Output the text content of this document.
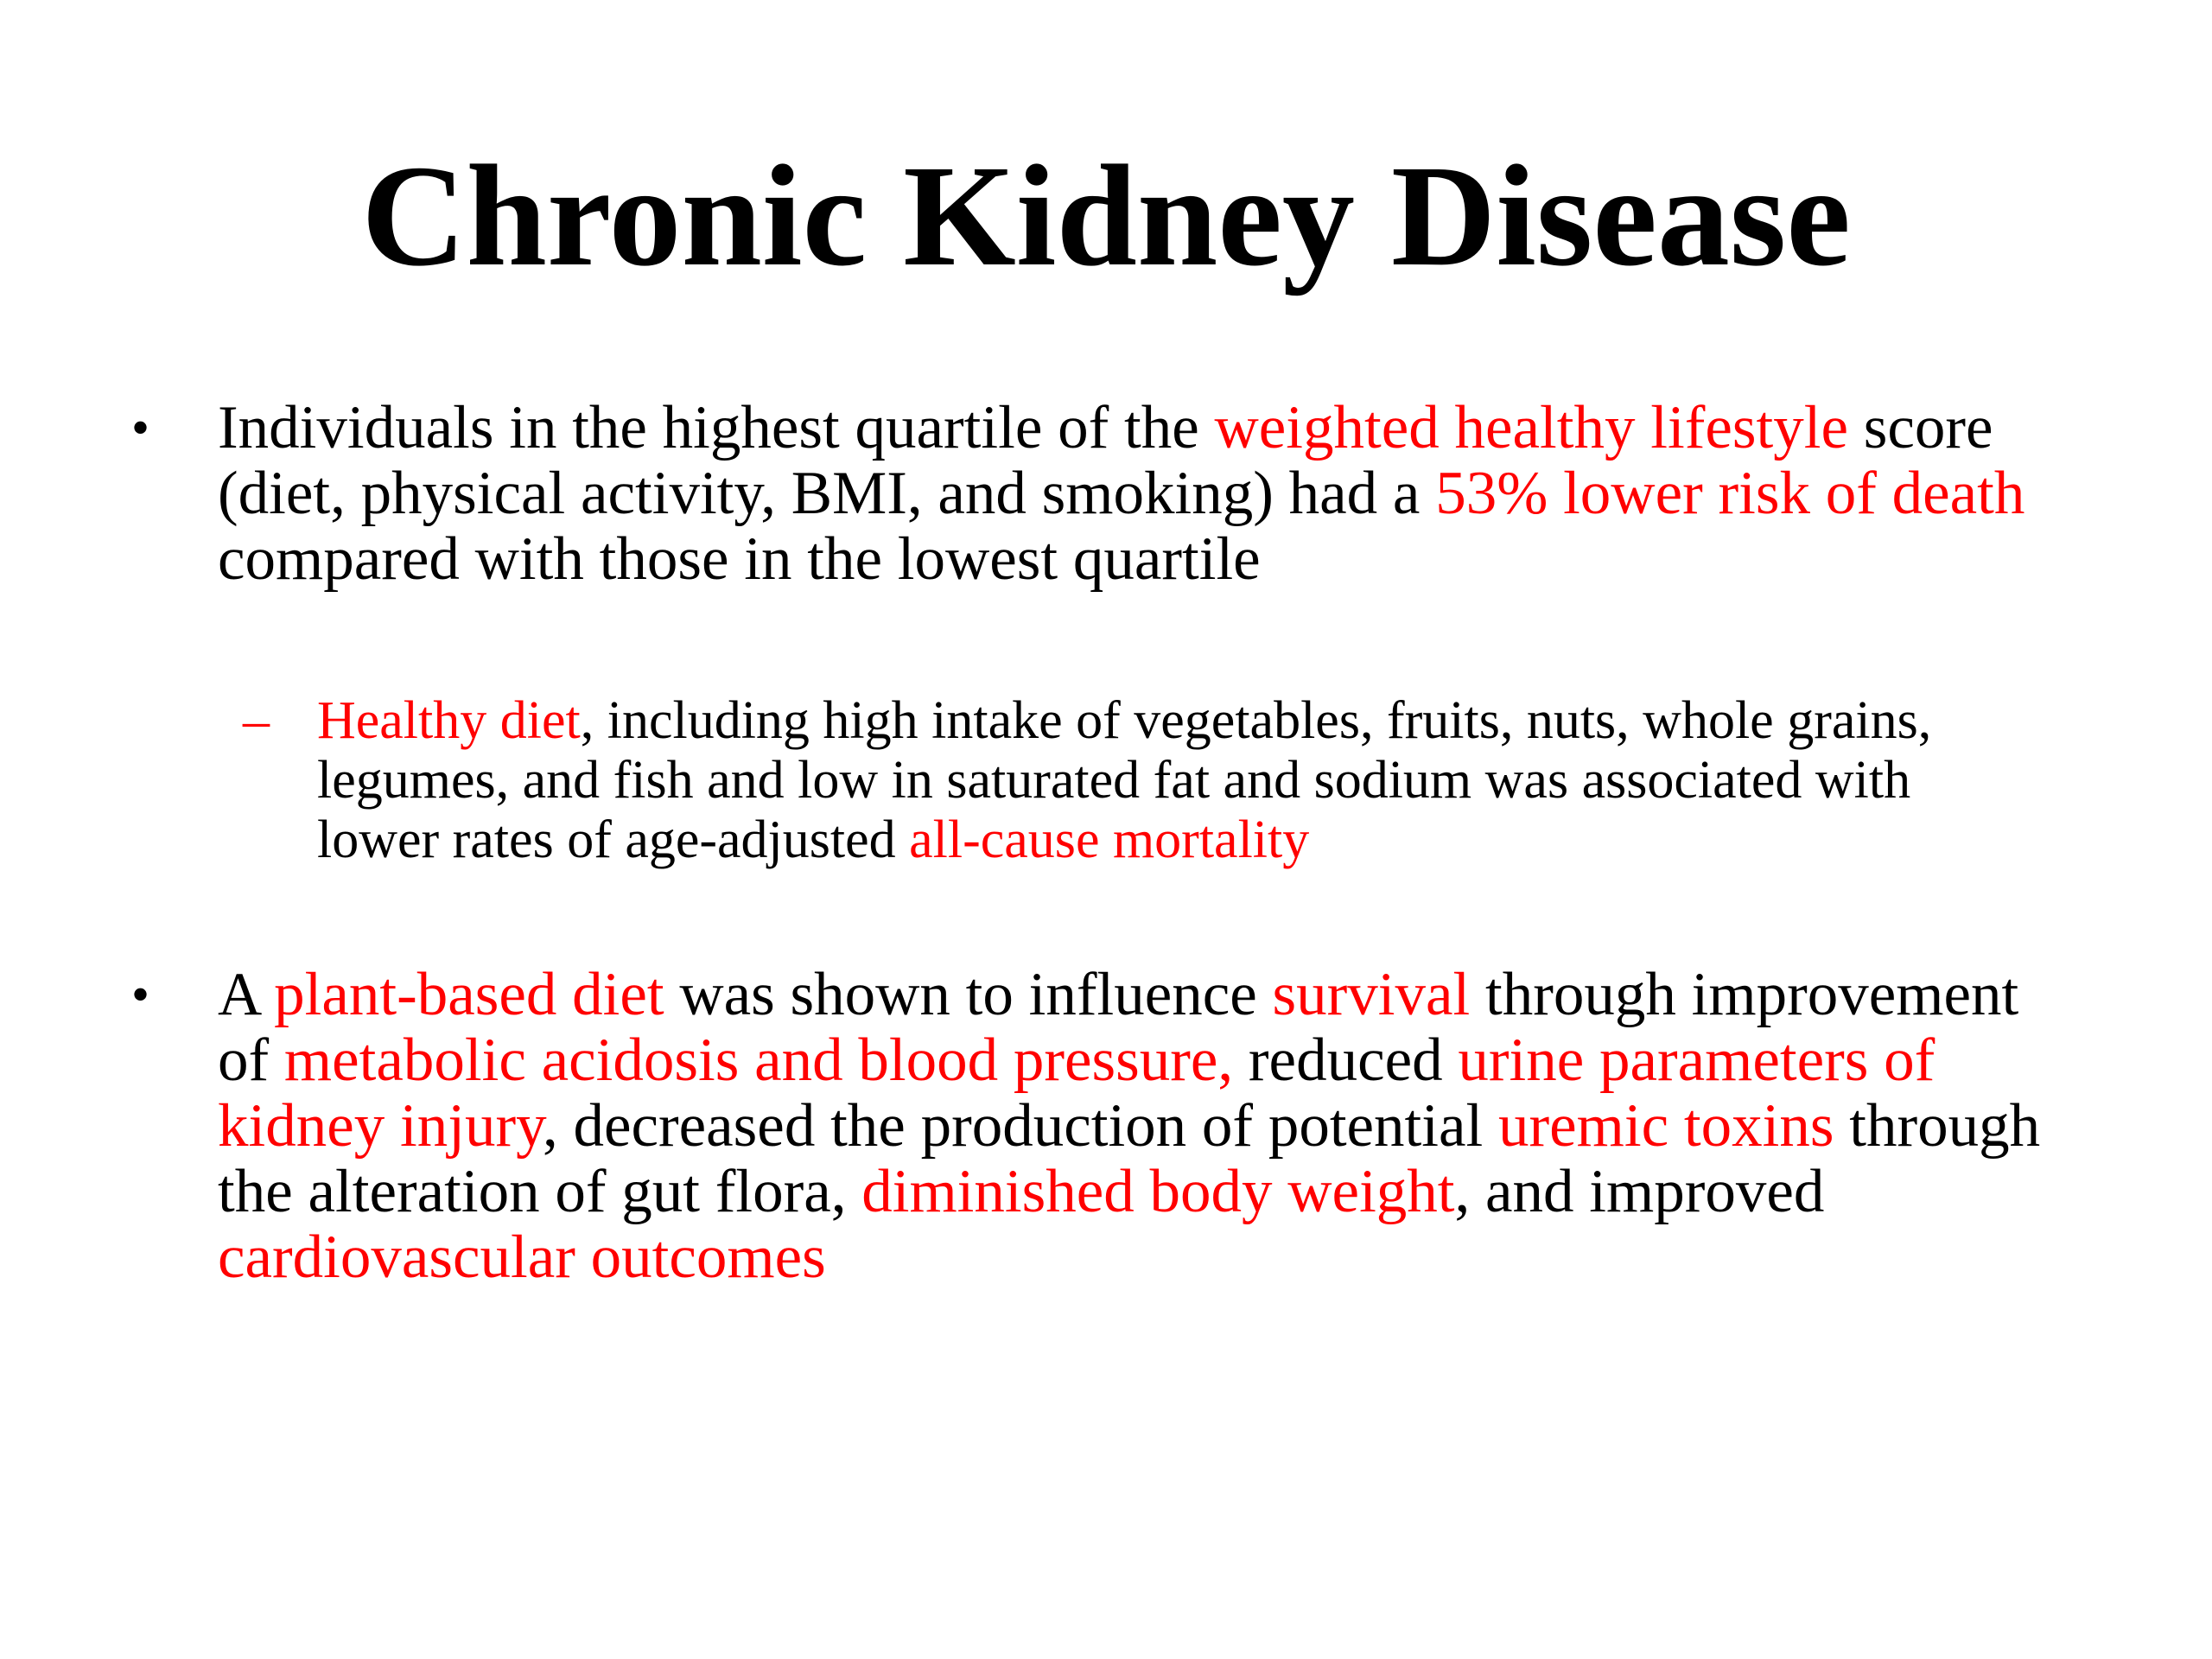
Chronic Kidney Disease
• Individuals in the highest quartile of the weighted healthy lifestyle score (diet, physical activity, BMI, and smoking) had a 53% lower risk of death compared with those in the lowest quartile
– Healthy diet, including high intake of vegetables, fruits, nuts, whole grains, legumes, and fish and low in saturated fat and sodium was associated with lower rates of age-adjusted all-cause mortality
• A plant-based diet was shown to influence survival through improvement of metabolic acidosis and blood pressure, reduced urine parameters of kidney injury, decreased the production of potential uremic toxins through the alteration of gut flora, diminished body weight, and improved cardiovascular outcomes
